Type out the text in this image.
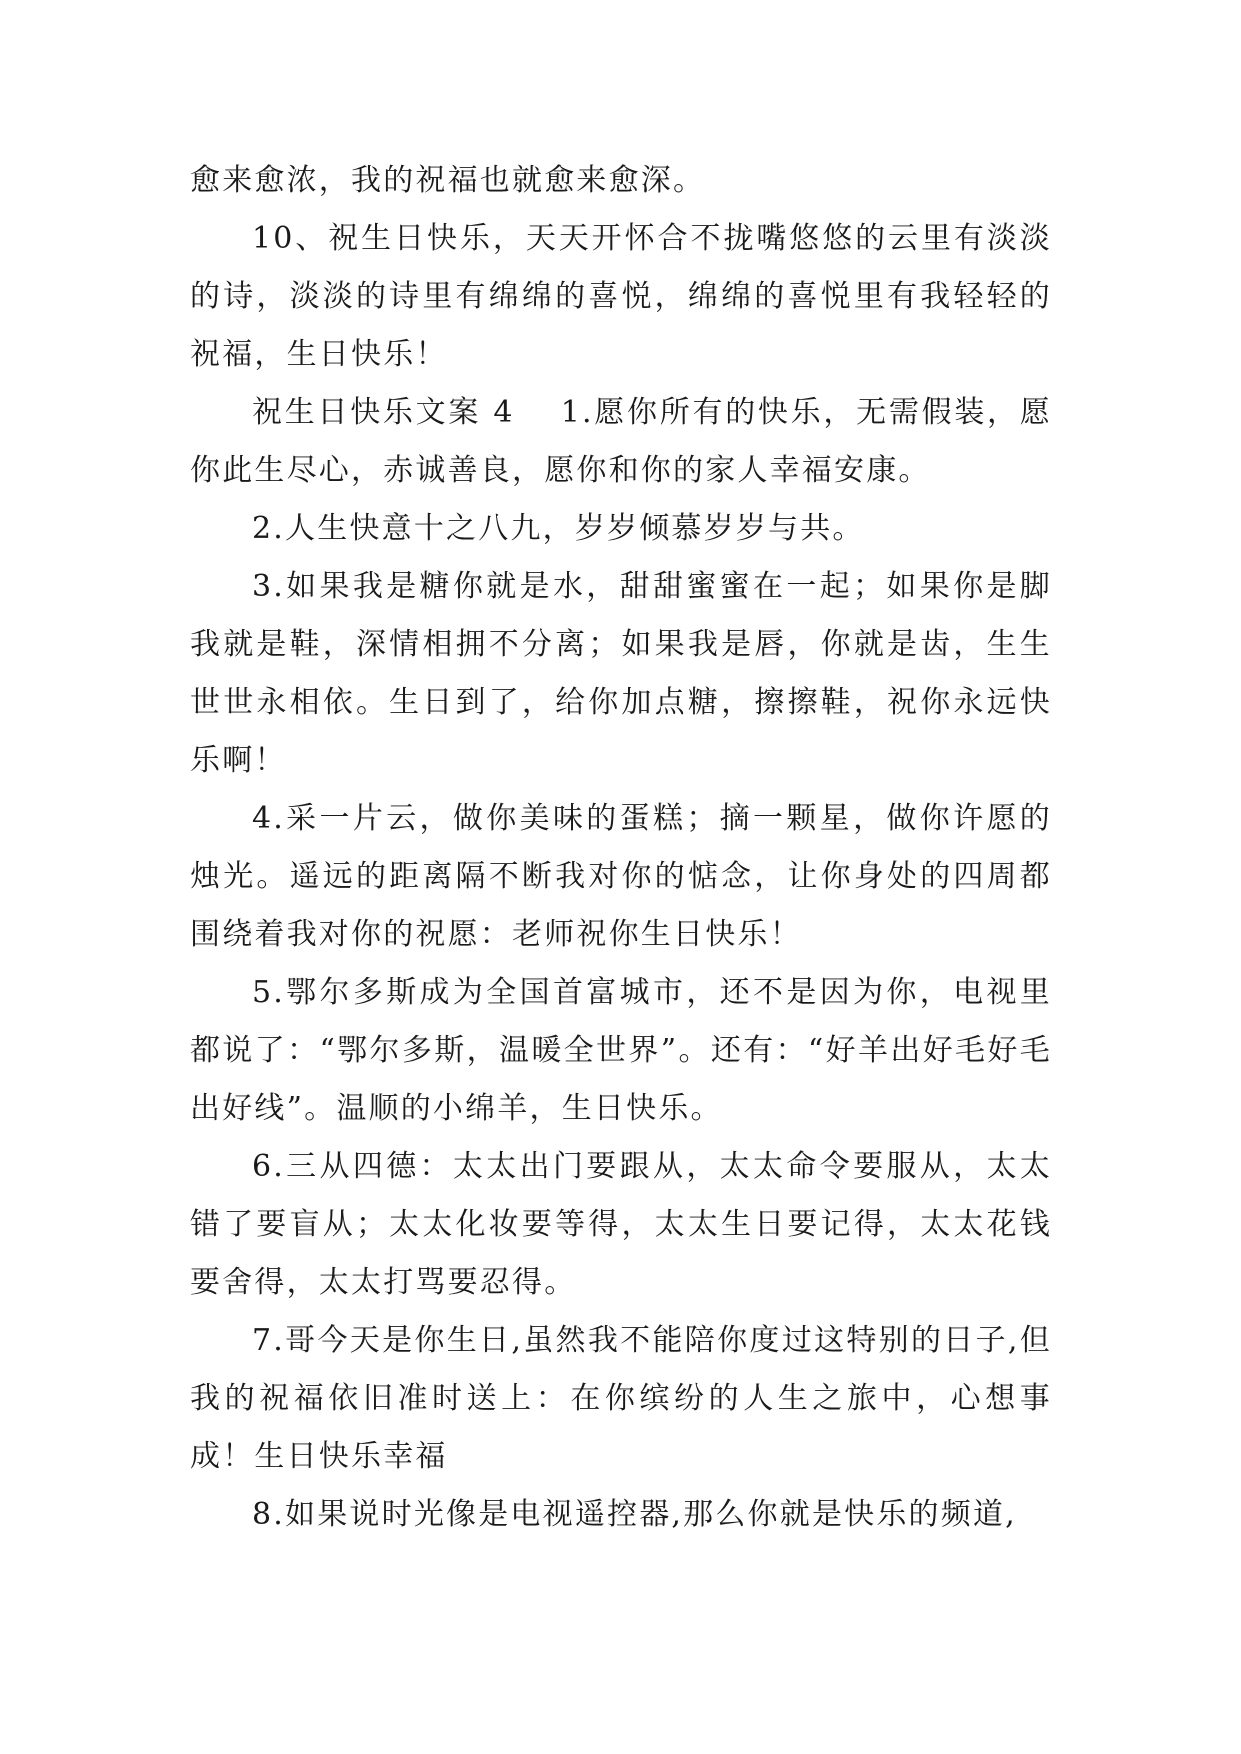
愈来愈浓，我的祝福也就愈来愈深。

10、祝生日快乐，天天开怀合不拢嘴悠悠的云里有淡淡的诗，淡淡的诗里有绵绵的喜悦，绵绵的喜悦里有我轻轻的祝福，生日快乐！

祝生日快乐文案 4 1.愿你所有的快乐，无需假装，愿你此生尽心，赤诚善良，愿你和你的家人幸福安康。

2.人生快意十之八九，岁岁倾慕岁岁与共。

3.如果我是糖你就是水，甜甜蜜蜜在一起；如果你是脚我就是鞋，深情相拥不分离；如果我是唇，你就是齿，生生世世永相依。生日到了，给你加点糖，擦擦鞋，祝你永远快乐啊！

4.采一片云，做你美味的蛋糕；摘一颗星，做你许愿的烛光。遥远的距离隔不断我对你的惦念，让你身处的四周都围绕着我对你的祝愿：老师祝你生日快乐！

5.鄂尔多斯成为全国首富城市，还不是因为你，电视里都说了：“鄂尔多斯，温暖全世界”。还有：“好羊出好毛好毛出好线”。温顺的小绵羊，生日快乐。

6.三从四德：太太出门要跟从，太太命令要服从，太太错了要盲从；太太化妆要等得，太太生日要记得，太太花钱要舍得，太太打骂要忍得。

7.哥今天是你生日,虽然我不能陪你度过这特别的日子,但我的祝福依旧准时送上：在你缤纷的人生之旅中，心想事成！生日快乐幸福

8.如果说时光像是电视遥控器,那么你就是快乐的频道,
